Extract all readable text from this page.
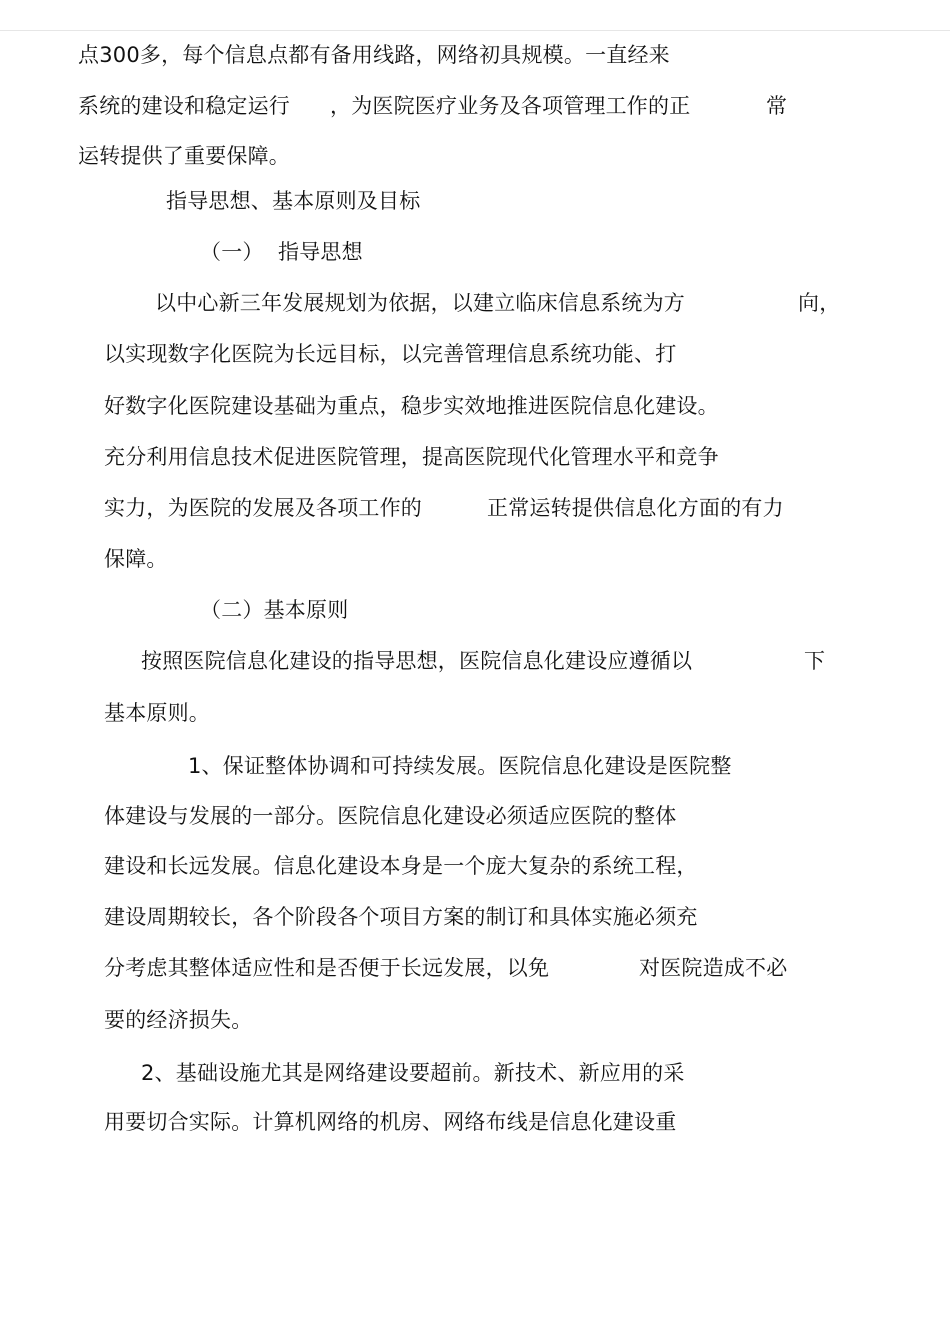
点300多，每个信息点都有备用线路，网络初具规模。一直经来

系统的建设和稳定运行

，为医院医疗业务及各项管理工作的正

	常

运转提供了重要保障。
指导思想、基本原则及目标

（一）

指导思想

以中心新三年发展规划为依据，以建立临床信息系统为方

	向，

以实现数字化医院为长远目标，以完善管理信息系统功能、打
好数字化医院建设基础为重点，稳步实效地推进医院信息化建设。
充分利用信息技术促进医院管理，提高医院现代化管理水平和竞争

实力，为医院的发展及各项工作的

	正常运转提供信息化方面的有力

保障。
（二）基本原则

按照医院信息化建设的指导思想，医院信息化建设应遵循以

	下

基本原则。
1、保证整体协调和可持续发展。医院信息化建设是医院整
体建设与发展的一部分。医院信息化建设必须适应医院的整体
建设和长远发展。信息化建设本身是一个庞大复杂的系统工程，
建设周期较长，各个阶段各个项目方案的制订和具体实施必须充

分考虑其整体适应性和是否便于长远发展，以免

	对医院造成不必

要的经济损失。
2、基础设施尤其是网络建设要超前。新技术、新应用的采
用要切合实际。计算机网络的机房、网络布线是信息化建设重
